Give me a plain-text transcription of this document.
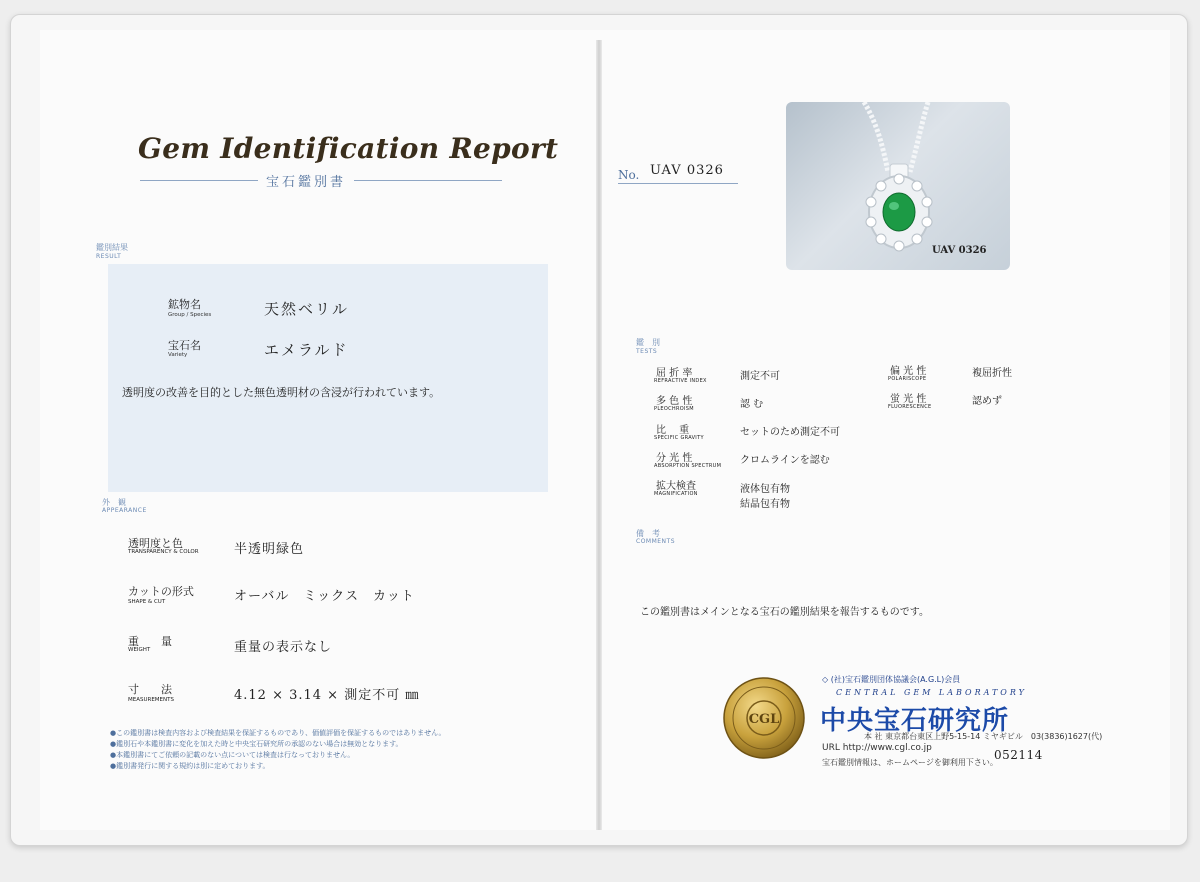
Gem Identification Report
宝石鑑別書
鑑別結果
RESULT
鉱物名
Group / Species	天然ベリル
宝石名
Variety	エメラルド
透明度の改善を目的とした無色透明材の含浸が行われています。
外　観
APPEARANCE
透明度と色
TRANSPARENCY & COLOR	半透明緑色
カットの形式
SHAPE & CUT	オーバル　ミックス　カット
重　　量
WEIGHT	重量の表示なし
寸　　法
MEASUREMENTS	4.12 × 3.14 × 測定不可 ㎜
●この鑑別書は検査内容および検査結果を保証するものであり、価値評価を保証するものではありません。
●鑑別石や本鑑別書に変化を加えた時と中央宝石研究所の承認のない場合は無効となります。
●本鑑別書にてご依頼の記載のない点については検査は行なっておりません。
●鑑別書発行に関する規約は別に定めております。
No. UAV 0326
UAV 0326
鑑　別
TESTS
屈 折 率
REFRACTIVE INDEX	測定不可
多 色 性
PLEOCHROISM	認 む
比　 重
SPECIFIC GRAVITY	セットのため測定不可
分 光 性
ABSORPTION SPECTRUM クロムラインを認む
拡大検査
MAGNIFICATION	液体包有物
結晶包有物
偏 光 性
POLARISCOPE	複屈折性
蛍 光 性
FLUORESCENCE	認めず
備　考
COMMENTS
この鑑別書はメインとなる宝石の鑑別結果を報告するものです。
CGL
◇ (社)宝石鑑別団体協議会(A.G.L)会員
CENTRAL GEM LABORATORY
中央宝石研究所
本 社 東京都台東区上野5-15-14 ミヤギビル　03(3836)1627(代)
URL http://www.cgl.co.jp
宝石鑑別情報は、ホームページを御利用下さい。
052114
